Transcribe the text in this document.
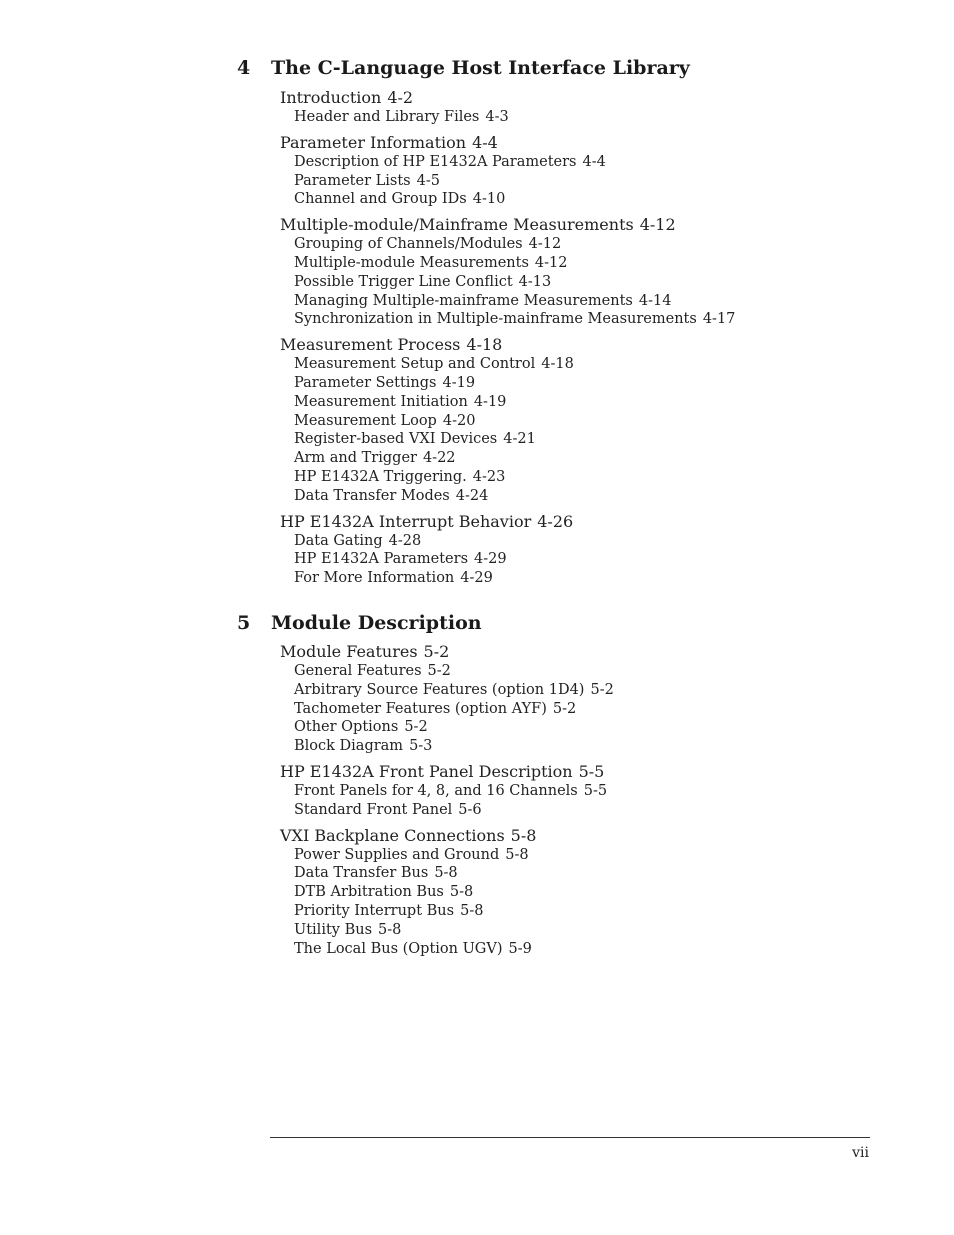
4 The C-Language Host Interface Library
Introduction 4-2
Header and Library Files 4-3
Parameter Information 4-4
Description of HP E1432A Parameters 4-4
Parameter Lists 4-5
Channel and Group IDs 4-10
Multiple-module/Mainframe Measurements 4-12
Grouping of Channels/Modules 4-12
Multiple-module Measurements 4-12
Possible Trigger Line Conflict 4-13
Managing Multiple-mainframe Measurements 4-14
Synchronization in Multiple-mainframe Measurements 4-17
Measurement Process 4-18
Measurement Setup and Control 4-18
Parameter Settings 4-19
Measurement Initiation 4-19
Measurement Loop 4-20
Register-based VXI Devices 4-21
Arm and Trigger 4-22
HP E1432A Triggering. 4-23
Data Transfer Modes 4-24
HP E1432A Interrupt Behavior 4-26
Data Gating 4-28
HP E1432A Parameters 4-29
For More Information 4-29
5 Module Description
Module Features 5-2
General Features 5-2
Arbitrary Source Features (option 1D4) 5-2
Tachometer Features (option AYF) 5-2
Other Options 5-2
Block Diagram 5-3
HP E1432A Front Panel Description 5-5
Front Panels for 4, 8, and 16 Channels 5-5
Standard Front Panel 5-6
VXI Backplane Connections 5-8
Power Supplies and Ground 5-8
Data Transfer Bus 5-8
DTB Arbitration Bus 5-8
Priority Interrupt Bus 5-8
Utility Bus 5-8
The Local Bus (Option UGV) 5-9
vii
